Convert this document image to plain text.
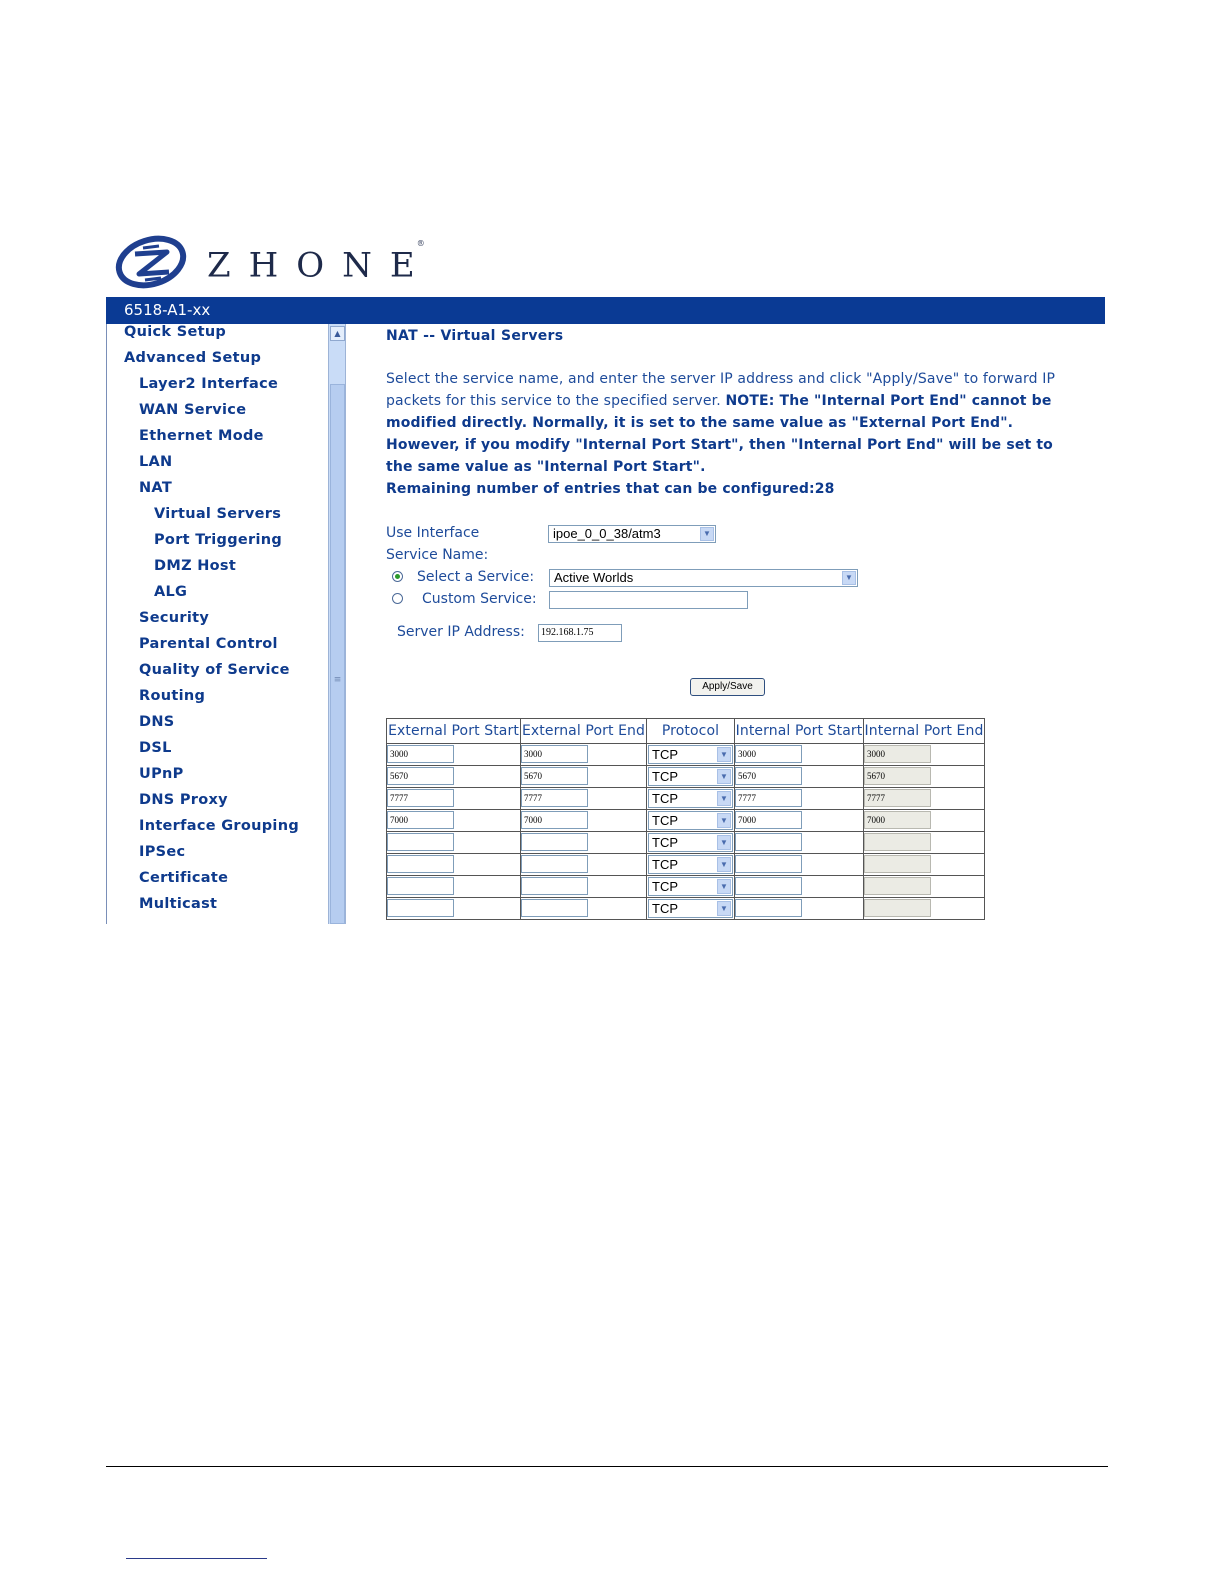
ZHONE®
6518-A1-xx
Quick Setup
Advanced Setup
Layer2 Interface
WAN Service
Ethernet Mode
LAN
NAT
Virtual Servers
Port Triggering
DMZ Host
ALG
Security
Parental Control
Quality of Service
Routing
DNS
DSL
UPnP
DNS Proxy
Interface Grouping
IPSec
Certificate
Multicast
▲
≡
NAT -- Virtual Servers
Select the service name, and enter the server IP address and click "Apply/Save" to forward IP packets for this service to the specified server. NOTE: The "Internal Port End" cannot be modified directly. Normally, it is set to the same value as "External Port End". However, if you modify "Internal Port Start", then "Internal Port End" will be set to the same value as "Internal Port Start".
Remaining number of entries that can be configured:28
Use Interface	ipoe_0_0_38/atm3	▼
Service Name:
Select a Service:	Active Worlds	▼
Custom Service:
Server IP Address:	192.168.1.75
Apply/Save
External Port Start	External Port End	Protocol	Internal Port Start	Internal Port End

3000	3000	TCP ▼	3000	3000

5670	5670	TCP ▼	5670	5670

7777	7777	TCP ▼	7777	7777

7000	7000	TCP ▼	7000	7000

		TCP ▼		

		TCP ▼		

		TCP ▼		

		TCP ▼		
